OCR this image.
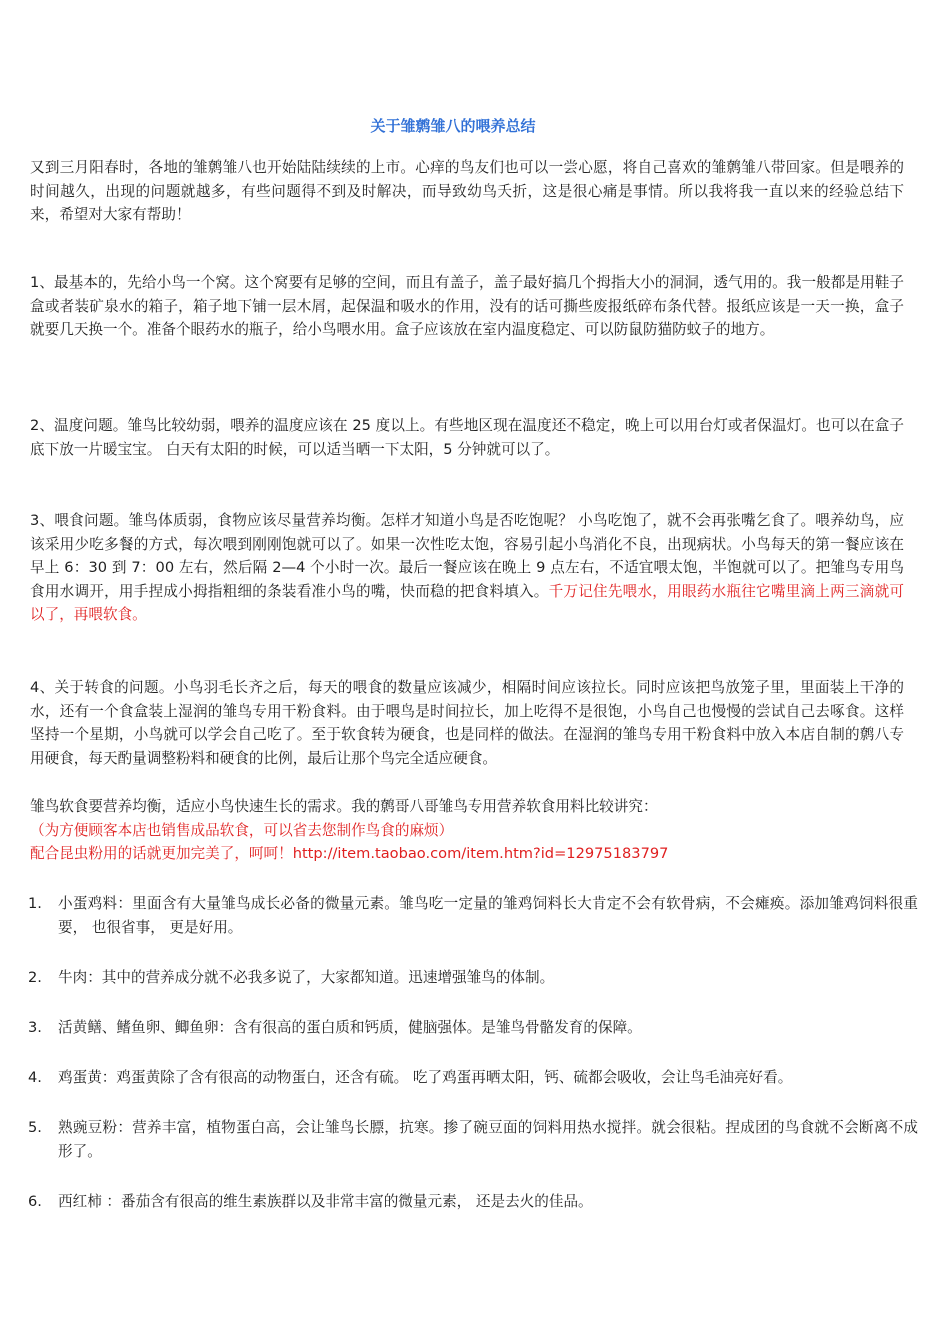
关于雏鹩雏八的喂养总结

又到三月阳春时，各地的雏鹩雏八也开始陆陆续续的上市。心痒的鸟友们也可以一尝心愿，将自己喜欢的雏鹩雏八带回家。但是喂养的时间越久，出现的问题就越多，有些问题得不到及时解决，而导致幼鸟夭折，这是很心痛是事情。所以我将我一直以来的经验总结下来，希望对大家有帮助！

1、最基本的，先给小鸟一个窝。这个窝要有足够的空间，而且有盖子，盖子最好搞几个拇指大小的洞洞，透气用的。我一般都是用鞋子盒或者装矿泉水的箱子，箱子地下铺一层木屑，起保温和吸水的作用，没有的话可撕些废报纸碎布条代替。报纸应该是一天一换，盒子就要几天换一个。准备个眼药水的瓶子，给小鸟喂水用。盒子应该放在室内温度稳定、可以防鼠防猫防蚊子的地方。

2、温度问题。雏鸟比较幼弱，喂养的温度应该在 25 度以上。有些地区现在温度还不稳定，晚上可以用台灯或者保温灯。也可以在盒子底下放一片暖宝宝。 白天有太阳的时候，可以适当晒一下太阳，5 分钟就可以了。

3、喂食问题。雏鸟体质弱，食物应该尽量营养均衡。怎样才知道小鸟是否吃饱呢？ 小鸟吃饱了，就不会再张嘴乞食了。喂养幼鸟，应该采用少吃多餐的方式，每次喂到刚刚饱就可以了。如果一次性吃太饱，容易引起小鸟消化不良，出现病状。小鸟每天的第一餐应该在早上 6：30 到 7：00 左右，然后隔 2—4 个小时一次。最后一餐应该在晚上 9 点左右，不适宜喂太饱，半饱就可以了。把雏鸟专用鸟食用水调开，用手捏成小拇指粗细的条装看准小鸟的嘴，快而稳的把食料填入。千万记住先喂水，用眼药水瓶往它嘴里滴上两三滴就可以了，再喂软食。

4、关于转食的问题。小鸟羽毛长齐之后，每天的喂食的数量应该减少，相隔时间应该拉长。同时应该把鸟放笼子里，里面装上干净的水，还有一个食盒装上湿润的雏鸟专用干粉食料。由于喂鸟是时间拉长，加上吃得不是很饱，小鸟自己也慢慢的尝试自己去啄食。这样坚持一个星期，小鸟就可以学会自己吃了。至于软食转为硬食，也是同样的做法。在湿润的雏鸟专用干粉食料中放入本店自制的鹩八专用硬食，每天酌量调整粉料和硬食的比例，最后让那个鸟完全适应硬食。

雏鸟软食要营养均衡，适应小鸟快速生长的需求。我的鹩哥八哥雏鸟专用营养软食用料比较讲究：

（为方便顾客本店也销售成品软食，可以省去您制作鸟食的麻烦）

配合昆虫粉用的话就更加完美了，呵呵！http://item.taobao.com/item.htm?id=12975183797

1.	小蛋鸡料：里面含有大量雏鸟成长必备的微量元素。雏鸟吃一定量的雏鸡饲料长大肯定不会有软骨病，不会瘫痪。添加雏鸡饲料很重要， 也很省事， 更是好用。
2.	牛肉：其中的营养成分就不必我多说了，大家都知道。迅速增强雏鸟的体制。
3.	活黄鳝、鳍鱼卵、鲫鱼卵：含有很高的蛋白质和钙质，健脑强体。是雏鸟骨骼发育的保障。
4.	鸡蛋黄：鸡蛋黄除了含有很高的动物蛋白，还含有硫。 吃了鸡蛋再晒太阳，钙、硫都会吸收，会让鸟毛油亮好看。
5.	熟豌豆粉：营养丰富，植物蛋白高，会让雏鸟长膘，抗寒。掺了碗豆面的饲料用热水搅拌。就会很粘。捏成团的鸟食就不会断离不成形了。
6.	西红柿 ：番茄含有很高的维生素族群以及非常丰富的微量元素， 还是去火的佳品。
